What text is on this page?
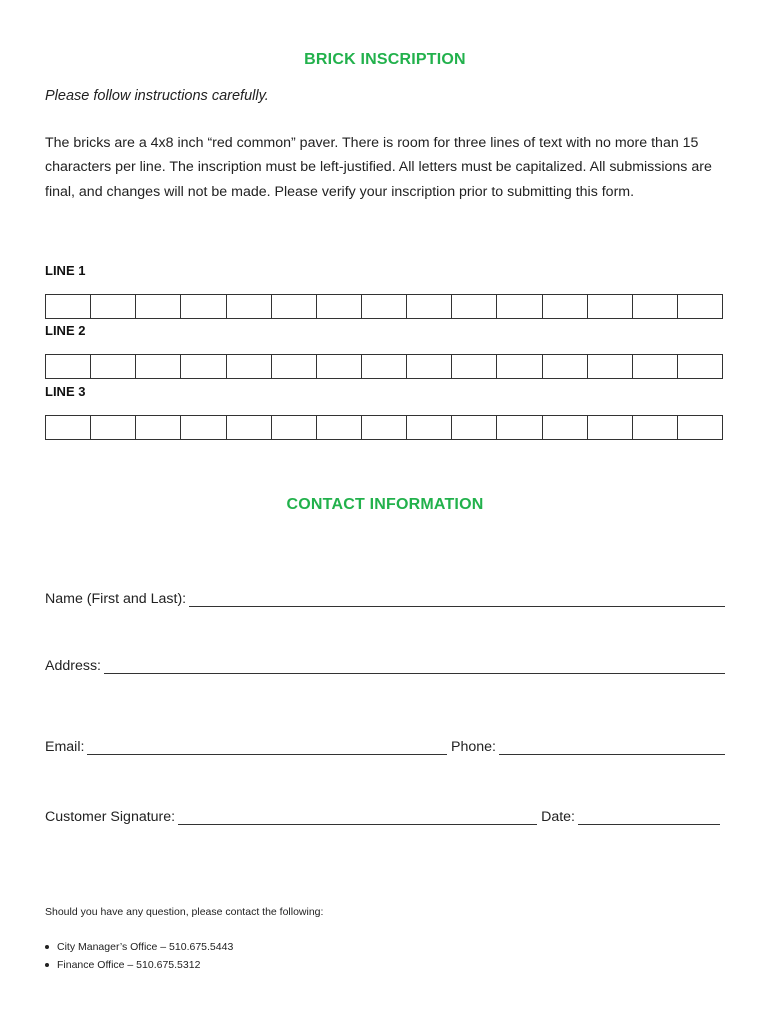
BRICK INSCRIPTION
Please follow instructions carefully.
The bricks are a 4x8 inch “red common” paver. There is room for three lines of text with no more than 15 characters per line. The inscription must be left-justified. All letters must be capitalized. All submissions are final, and changes will not be made. Please verify your inscription prior to submitting this form.
LINE 1
LINE 2
LINE 3
CONTACT INFORMATION
Name (First and Last):
Address:
Email:	Phone:
Customer Signature:	Date:
Should you have any question, please contact the following:
City Manager’s Office – 510.675.5443
Finance Office – 510.675.5312
